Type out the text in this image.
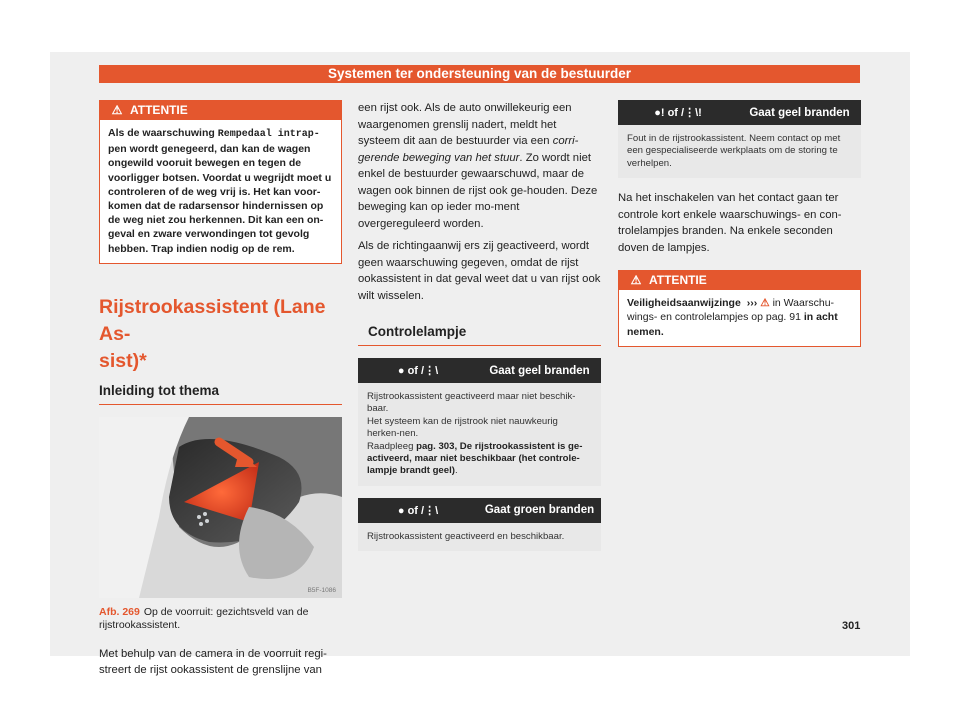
Systemen ter ondersteuning van de bestuurder
⚠ ATTENTIE
Als de waarschuwing Rempedaal intrap- pen wordt genegeerd, dan kan de wagen ongewild vooruit bewegen en tegen de voorligger botsen. Voordat u wegrijdt moet u controleren of de weg vrij is. Het kan voor-komen dat de radarsensor hindernissen op de weg niet zou herkennen. Dit kan een on-geval en zware verwondingen tot gevolg hebben. Trap indien nodig op de rem.
Rijstrookassistent (Lane As-
sist)*
Inleiding tot thema
B5F-1086
Afb. 269 Op de voorruit: gezichtsveld van de rijstrookassistent.

Met behulp van de camera in de voorruit regi-streert de rijst ookassistent de grenslijne van

een rijst ook. Als de auto onwillekeurig een waargenomen grenslij nadert, meldt het systeem dit aan de bestuurder via een corri-gerende beweging van het stuur. Zo wordt niet enkel de bestuurder gewaarschuwd, maar de wagen ook binnen de rijst ook ge-houden. Deze beweging kan op ieder mo-ment overgereguleerd worden.

Als de richtingaanwij ers zij geactiveerd, wordt geen waarschuwing gegeven, omdat de rijst ookassistent in dat geval weet dat u van rijst ook wilt wisselen.

Controlelampje
● of /⋮\	Gaat geel branden
Rijstrookassistent geactiveerd maar niet beschik-baar.
Het systeem kan de rijstrook niet nauwkeurig herken-nen.
Raadpleeg pag. 303, De rijstrookassistent is ge-activeerd, maar niet beschikbaar (het controle-lampje brandt geel).
● of /⋮\	Gaat groen branden
Rijstrookassistent geactiveerd en beschikbaar.
●! of /⋮\!	Gaat geel branden
Fout in de rijstrookassistent. Neem contact op met een gespecialiseerde werkplaats om de storing te verhelpen.

Na het inschakelen van het contact gaan ter controle kort enkele waarschuwings- en con-trolelampjes branden. Na enkele seconden doven de lampjes.

⚠ ATTENTIE
Veiligheidsaanwijzinge ››› ⚠ in Waarschu-wings- en controlelampjes op pag. 91 in acht nemen.
301
